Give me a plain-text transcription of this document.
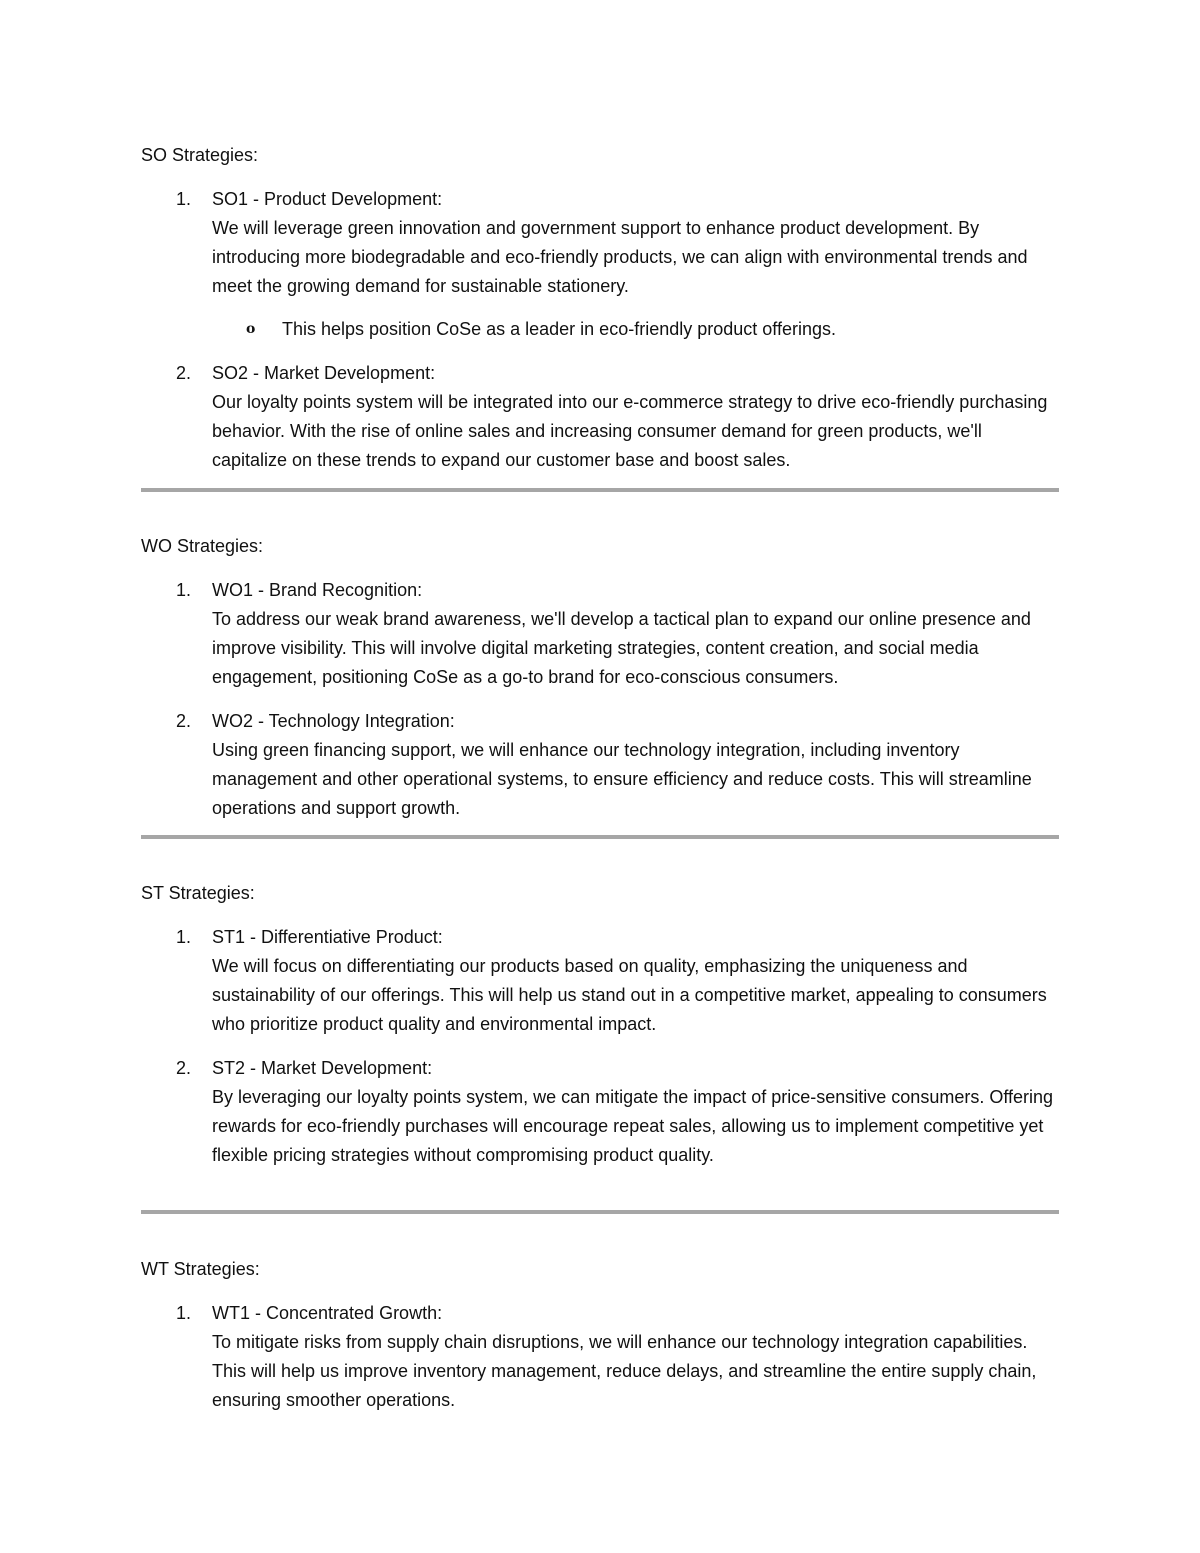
SO Strategies:

1. SO1 - Product Development:
We will leverage green innovation and government support to enhance product development. By introducing more biodegradable and eco-friendly products, we can align with environmental trends and meet the growing demand for sustainable stationery.
o This helps position CoSe as a leader in eco-friendly product offerings.
2. SO2 - Market Development:
Our loyalty points system will be integrated into our e-commerce strategy to drive eco-friendly purchasing behavior. With the rise of online sales and increasing consumer demand for green products, we'll capitalize on these trends to expand our customer base and boost sales.

WO Strategies:

1. WO1 - Brand Recognition:
To address our weak brand awareness, we'll develop a tactical plan to expand our online presence and improve visibility. This will involve digital marketing strategies, content creation, and social media engagement, positioning CoSe as a go-to brand for eco-conscious consumers.
2. WO2 - Technology Integration:
Using green financing support, we will enhance our technology integration, including inventory management and other operational systems, to ensure efficiency and reduce costs. This will streamline operations and support growth.

ST Strategies:

1. ST1 - Differentiative Product:
We will focus on differentiating our products based on quality, emphasizing the uniqueness and sustainability of our offerings. This will help us stand out in a competitive market, appealing to consumers who prioritize product quality and environmental impact.
2. ST2 - Market Development:
By leveraging our loyalty points system, we can mitigate the impact of price-sensitive consumers. Offering rewards for eco-friendly purchases will encourage repeat sales, allowing us to implement competitive yet flexible pricing strategies without compromising product quality.

WT Strategies:

1. WT1 - Concentrated Growth:
To mitigate risks from supply chain disruptions, we will enhance our technology integration capabilities. This will help us improve inventory management, reduce delays, and streamline the entire supply chain, ensuring smoother operations.
